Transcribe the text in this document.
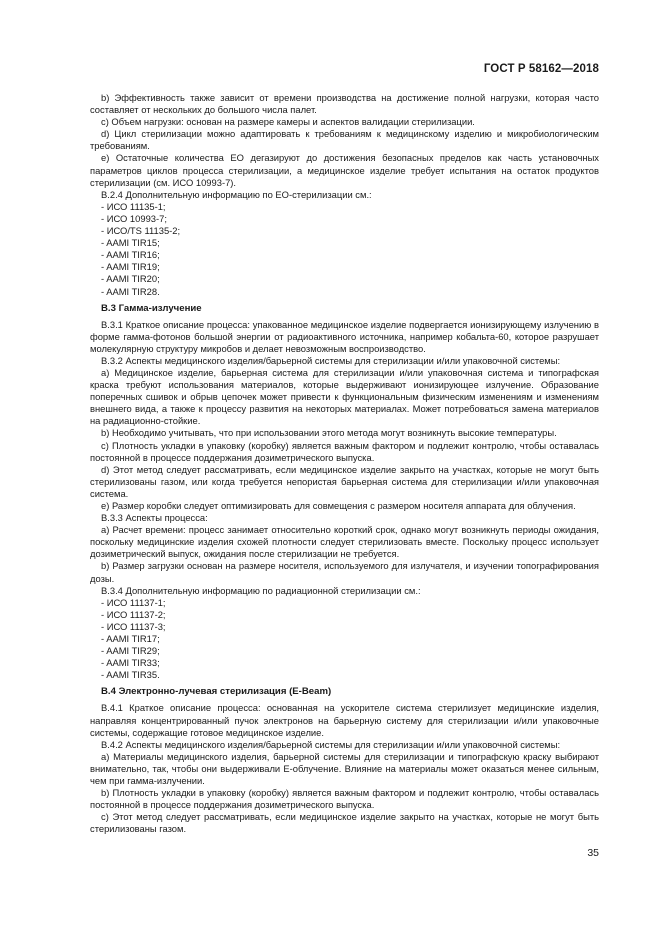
ГОСТ Р 58162—2018

b) Эффективность также зависит от времени производства на достижение полной нагрузки, которая часто составляет от нескольких до большого числа палет.

c) Объем нагрузки: основан на размере камеры и аспектов валидации стерилизации.

d) Цикл стерилизации можно адаптировать к требованиям к медицинскому изделию и микробиологическим требованиям.

e) Остаточные количества ЕО дегазируют до достижения безопасных пределов как часть установочных параметров циклов процесса стерилизации, а медицинское изделие требует испытания на остаток продуктов стерилизации (см. ИСО 10993-7).

В.2.4 Дополнительную информацию по ЕО-стерилизации см.:

- ИСО 11135-1;
- ИСО 10993-7;
- ИСО/TS 11135-2;
- AAMI TIR15;
- AAMI TIR16;
- AAMI TIR19;
- AAMI TIR20;
- AAMI TIR28.
В.3 Гамма-излучение

В.3.1 Краткое описание процесса: упакованное медицинское изделие подвергается ионизирующему излучению в форме гамма-фотонов большой энергии от радиоактивного источника, например кобальта-60, которое разрушает молекулярную структуру микробов и делает невозможным воспроизводство.

В.3.2 Аспекты медицинского изделия/барьерной системы для стерилизации и/или упаковочной системы:

a) Медицинское изделие, барьерная система для стерилизации и/или упаковочная система и типографская краска требуют использования материалов, которые выдерживают ионизирующее излучение. Образование поперечных сшивок и обрыв цепочек может привести к функциональным физическим изменениям и изменениям внешнего вида, а также к процессу развития на некоторых материалах. Может потребоваться замена материалов на радиационно-стойкие.

b) Необходимо учитывать, что при использовании этого метода могут возникнуть высокие температуры.

c) Плотность укладки в упаковку (коробку) является важным фактором и подлежит контролю, чтобы оставалась постоянной в процессе поддержания дозиметрического выпуска.

d) Этот метод следует рассматривать, если медицинское изделие закрыто на участках, которые не могут быть стерилизованы газом, или когда требуется непористая барьерная система для стерилизации и/или упаковочная система.

e) Размер коробки следует оптимизировать для совмещения с размером носителя аппарата для облучения.

В.3.3 Аспекты процесса:

a) Расчет времени: процесс занимает относительно короткий срок, однако могут возникнуть периоды ожидания, поскольку медицинские изделия схожей плотности следует стерилизовать вместе. Поскольку процесс использует дозиметрический выпуск, ожидания после стерилизации не требуется.

b) Размер загрузки основан на размере носителя, используемого для излучателя, и изучении топографирования дозы.

В.3.4 Дополнительную информацию по радиационной стерилизации см.:

- ИСО 11137-1;
- ИСО 11137-2;
- ИСО 11137-3;
- AAMI TIR17;
- AAMI TIR29;
- AAMI TIR33;
- AAMI TIR35.
В.4 Электронно-лучевая стерилизация (E-Beam)

В.4.1 Краткое описание процесса: основанная на ускорителе система стерилизует медицинские изделия, направляя концентрированный пучок электронов на барьерную систему для стерилизации и/или упаковочные системы, содержащие готовое медицинское изделие.

В.4.2 Аспекты медицинского изделия/барьерной системы для стерилизации и/или упаковочной системы:

a) Материалы медицинского изделия, барьерной системы для стерилизации и типографскую краску выбирают внимательно, так, чтобы они выдерживали Е-облучение. Влияние на материалы может оказаться менее сильным, чем при гамма-излучении.

b) Плотность укладки в упаковку (коробку) является важным фактором и подлежит контролю, чтобы оставалась постоянной в процессе поддержания дозиметрического выпуска.

c) Этот метод следует рассматривать, если медицинское изделие закрыто на участках, которые не могут быть стерилизованы газом.

35
